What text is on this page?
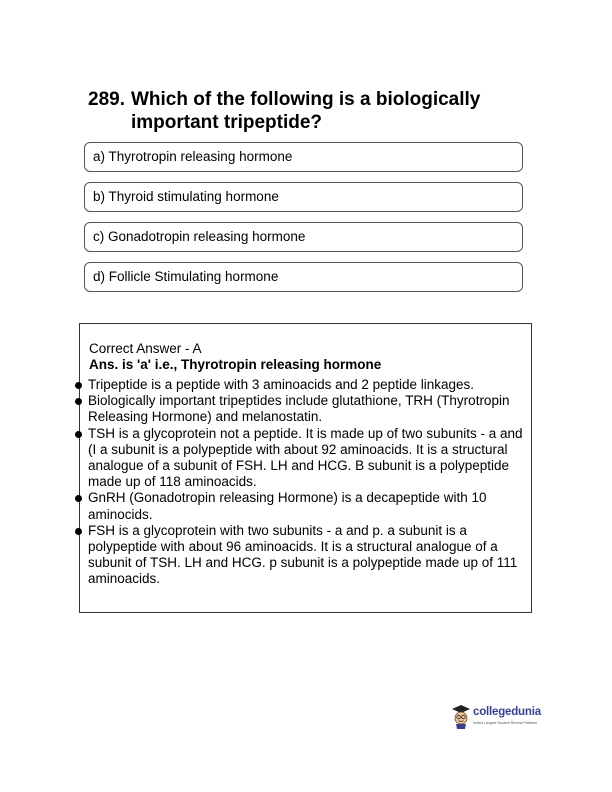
289. Which of the following is a biologically important tripeptide?
a) Thyrotropin releasing hormone
b) Thyroid stimulating hormone
c) Gonadotropin releasing hormone
d) Follicle Stimulating hormone
Correct Answer - A
Ans. is 'a' i.e., Thyrotropin releasing hormone
Tripeptide is a peptide with 3 aminoacids and 2 peptide linkages.
Biologically important tripeptides include glutathione, TRH (Thyrotropin Releasing Hormone) and melanostatin.
TSH is a glycoprotein not a peptide. It is made up of two subunits - a and (I a subunit is a polypeptide with about 92 aminoacids. It is a structural analogue of a subunit of FSH. LH and HCG. B subunit is a polypeptide made up of 118 aminoacids.
GnRH (Gonadotropin releasing Hormone) is a decapeptide with 10 aminocids.
FSH is a glycoprotein with two subunits - a and p. a subunit is a polypeptide with about 96 aminoacids. It is a structural analogue of a subunit of TSH. LH and HCG. p subunit is a polypeptide made up of 111 aminoacids.
collegedunia
India's Largest Student Review Platform
